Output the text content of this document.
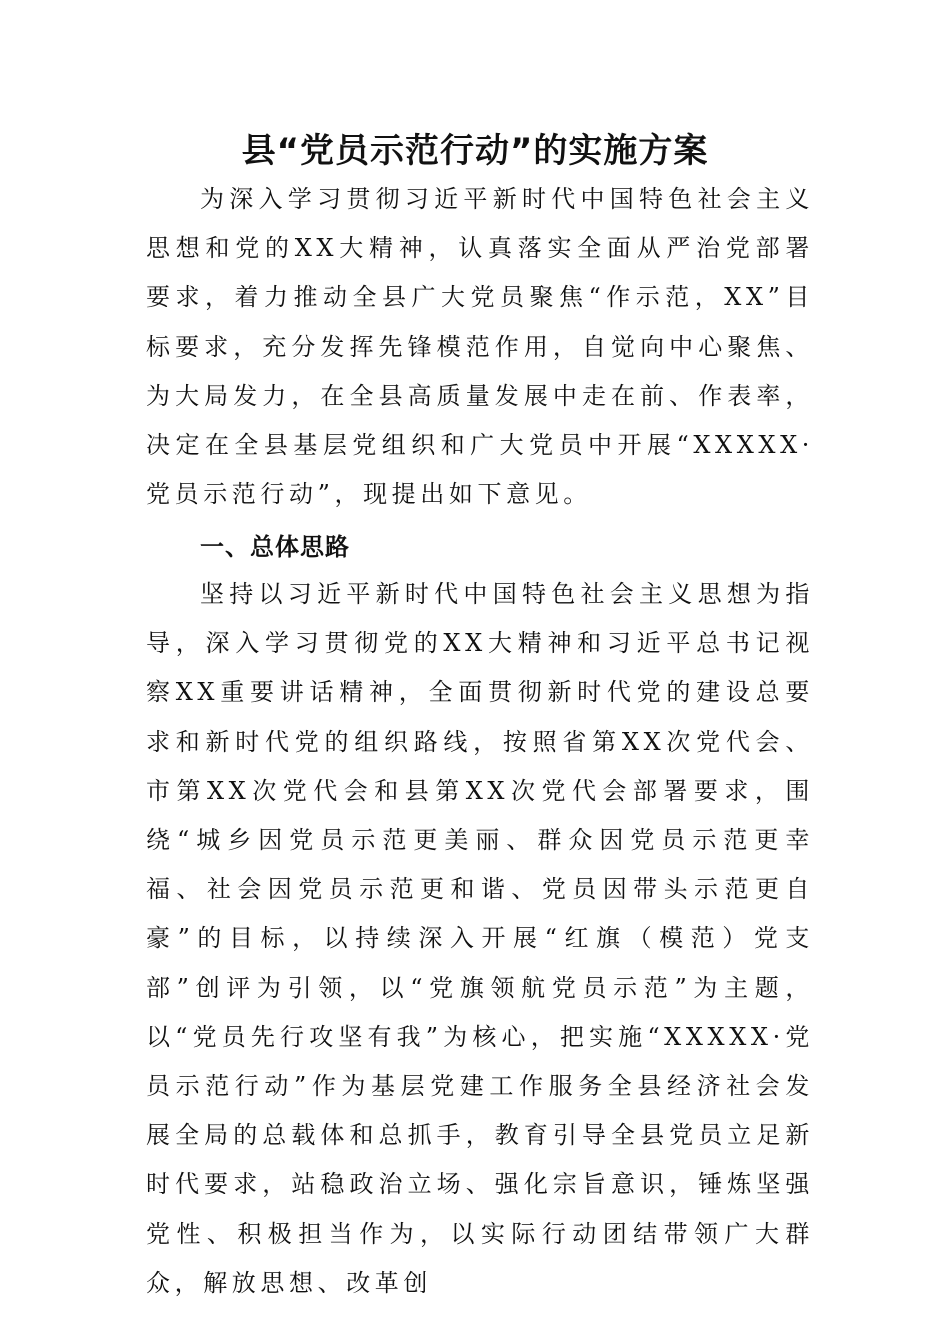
县“党员示范行动”的实施方案

为深入学习贯彻习近平新时代中国特色社会主义思想和党的XX大精神，认真落实全面从严治党部署要求，着力推动全县广大党员聚焦“作示范，XX”目标要求，充分发挥先锋模范作用，自觉向中心聚焦、为大局发力，在全县高质量发展中走在前、作表率，决定在全县基层党组织和广大党员中开展“XXXXX·党员示范行动”，现提出如下意见。

一、总体思路

坚持以习近平新时代中国特色社会主义思想为指导，深入学习贯彻党的XX大精神和习近平总书记视察XX重要讲话精神，全面贯彻新时代党的建设总要求和新时代党的组织路线，按照省第XX次党代会、市第XX次党代会和县第XX次党代会部署要求，围绕“城乡因党员示范更美丽、群众因党员示范更幸福、社会因党员示范更和谐、党员因带头示范更自豪”的目标，以持续深入开展“红旗（模范）党支部”创评为引领，以“党旗领航党员示范”为主题，以“党员先行攻坚有我”为核心，把实施“XXXXX·党员示范行动”作为基层党建工作服务全县经济社会发展全局的总载体和总抓手，教育引导全县党员立足新时代要求，站稳政治立场、强化宗旨意识，锤炼坚强党性、积极担当作为，以实际行动团结带领广大群众，解放思想、改革创
